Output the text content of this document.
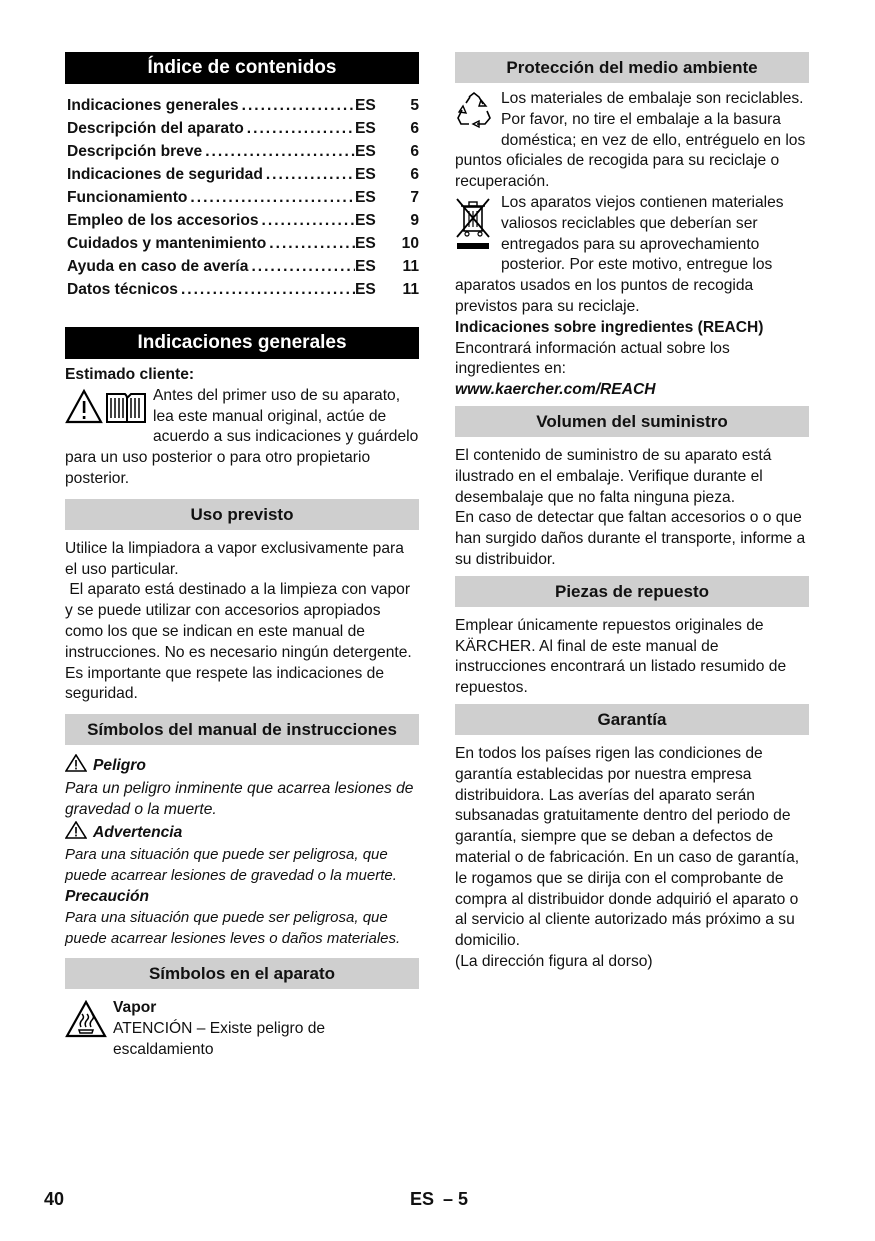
Índice de contenidos
Indicaciones generales .....	ES	5
Descripción del aparato .....	ES	6
Descripción breve .....	ES	6
Indicaciones de seguridad .....	ES	6
Funcionamiento .....	ES	7
Empleo de los accesorios .....	ES	9
Cuidados y mantenimiento .....	ES	10
Ayuda en caso de avería .....	ES	11
Datos técnicos .....	ES	11
Indicaciones generales

Estimado cliente:

Antes del primer uso de su aparato, lea este manual original, actúe de acuerdo a sus indicaciones y guárdelo para un uso posterior o para otro propietario posterior.

Uso previsto

Utilice la limpiadora a vapor exclusivamente para el uso particular.

El aparato está destinado a la limpieza con vapor y se puede utilizar con accesorios apropiados como los que se indican en este manual de instrucciones. No es necesario ningún detergente. Es importante que respete las indicaciones de seguridad.

Símbolos del manual de instrucciones
Peligro

Para un peligro inminente que acarrea lesiones de gravedad o la muerte.

Advertencia

Para una situación que puede ser peligrosa, que puede acarrear lesiones de gravedad o la muerte.

Precaución

Para una situación que puede ser peligrosa, que puede acarrear lesiones leves o daños materiales.

Símbolos en el aparato

Vapor
ATENCIÓN – Existe peligro de escaldamiento

Protección del medio ambiente

Los materiales de embalaje son reciclables. Por favor, no tire el embalaje a la basura doméstica; en vez de ello, entréguelo en los puntos oficiales de recogida para su reciclaje o recuperación.

Los aparatos viejos contienen materiales valiosos reciclables que deberían ser entregados para su aprovechamiento posterior. Por este motivo, entregue los aparatos usados en los puntos de recogida previstos para su reciclaje.

Indicaciones sobre ingredientes (REACH)

Encontrará información actual sobre los ingredientes en:

www.kaercher.com/REACH

Volumen del suministro

El contenido de suministro de su aparato está ilustrado en el embalaje. Verifique durante el desembalaje que no falta ninguna pieza.

En caso de detectar que faltan accesorios o o que han surgido daños durante el transporte, informe a su distribuidor.

Piezas de repuesto

Emplear únicamente repuestos originales de KÄRCHER. Al final de este manual de instrucciones encontrará un listado resumido de repuestos.

Garantía

En todos los países rigen las condiciones de garantía establecidas por nuestra empresa distribuidora. Las averías del aparato serán subsanadas gratuitamente dentro del periodo de garantía, siempre que se deban a defectos de material o de fabricación. En un caso de garantía, le rogamos que se dirija con el comprobante de compra al distribuidor donde adquirió el aparato o al servicio al cliente autorizado más próximo a su domicilio.

(La dirección figura al dorso)

40	ES – 5
